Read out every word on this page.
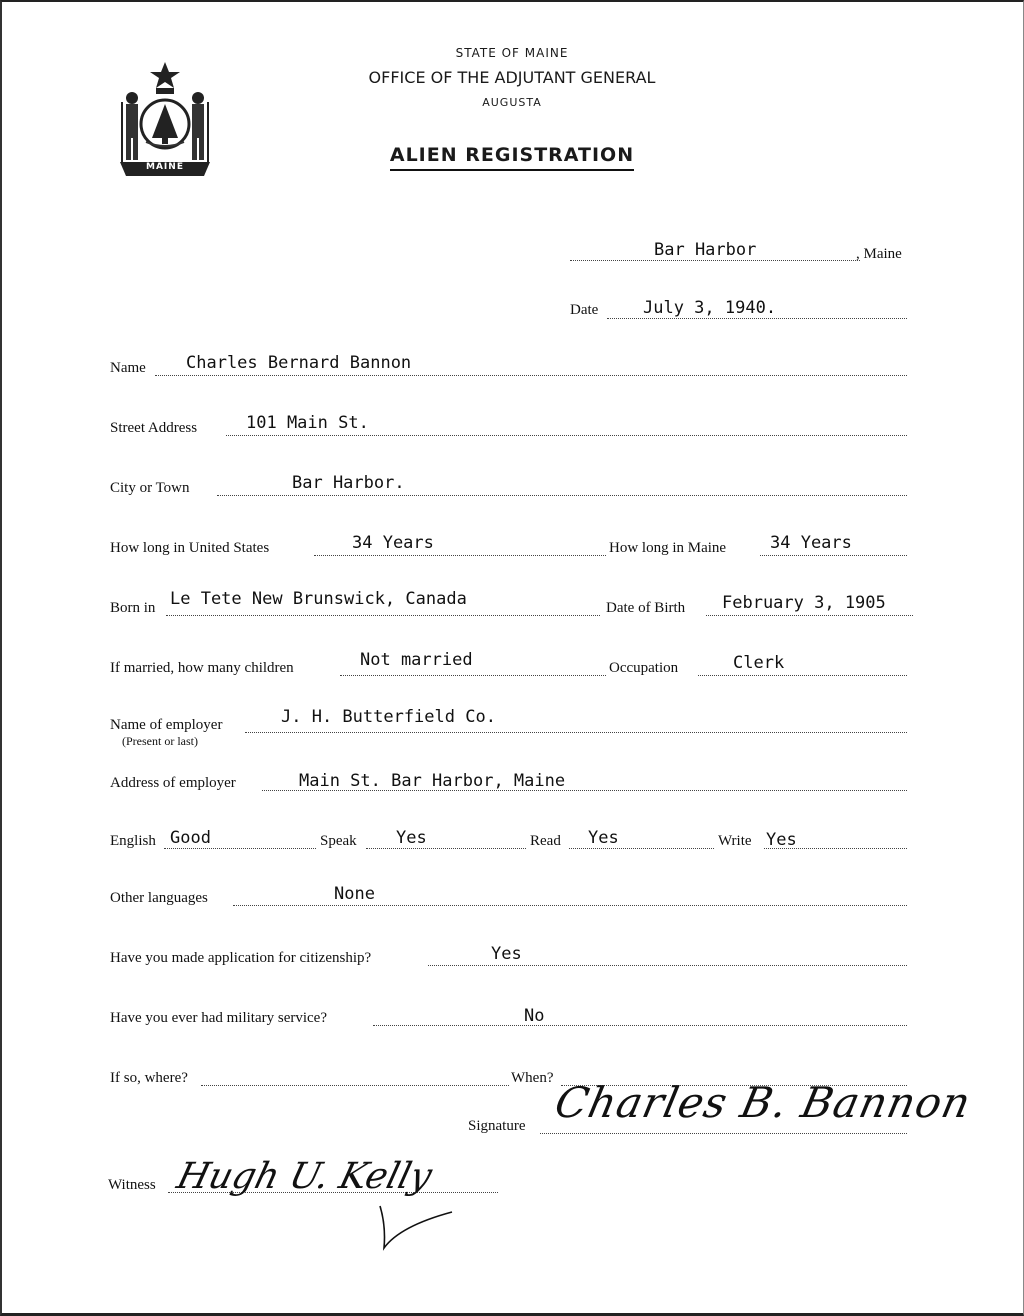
MAINE
STATE OF MAINE
OFFICE OF THE ADJUTANT GENERAL
AUGUSTA
ALIEN REGISTRATION
Bar Harbor	, Maine
Date	July 3, 1940.
Name Charles Bernard Bannon
Street Address	101 Main St.
City or Town	Bar Harbor.
How long in United States	34 Years	How long in Maine	34 Years
Born in Le Tete New Brunswick, Canada	Date of Birth February 3, 1905
If married, how many children	Not married	Occupation	Clerk
Name of employer
(Present or last)
J. H. Butterfield Co.
Address of employer	Main St. Bar Harbor, Maine
English Good	Speak Yes	Read Yes	Write Yes
Other languages	None
Have you made application for citizenship?	Yes
Have you ever had military service?	No
If so, where?	When?
Signature Charles B. Bannon
Witness Hugh U. Kelly
